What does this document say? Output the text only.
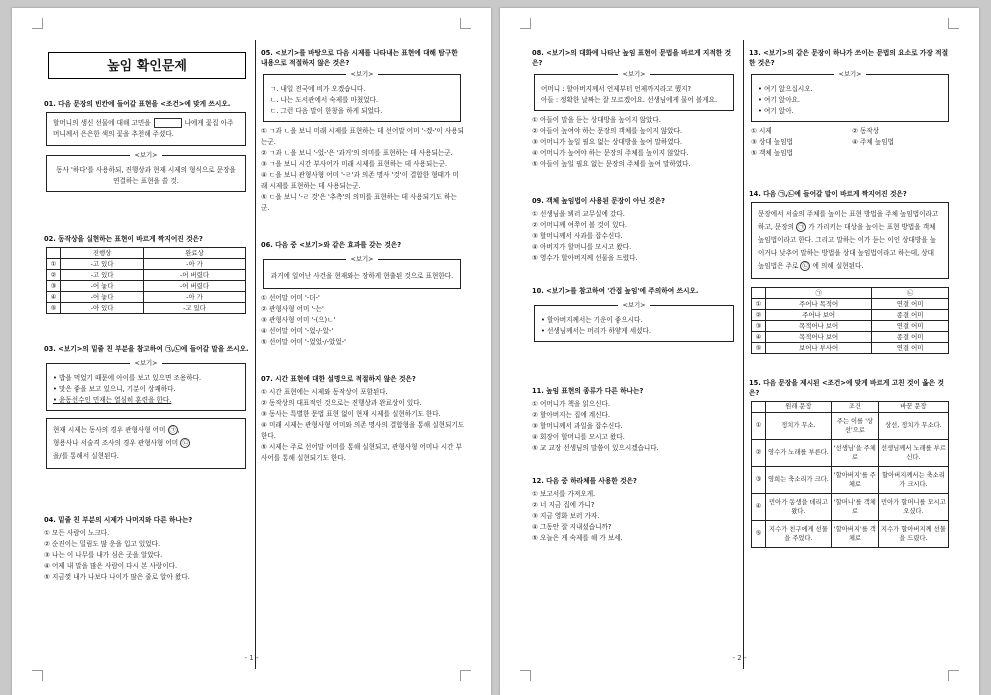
높임 확인문제
01. 다음 문장의 빈칸에 들어갈 표현을 <조건>에 맞게 쓰시오.
할머니의 생신 선물에 대해 고민을	나에게 꽃집 아주머니께서 은은한 색의 꽃을 추천해 주셨다.
<보기>
동사 '하다'를 사용하되, 진행상과 현재 시제의 형식으로 문장을 연결하는 표현을 쓸 것.
02. 동작상을 실현하는 표현이 바르게 짝지어진 것은?
	진행상	완료상
①	-고 있다	-아 가
②	-고 있다	-어 버렸다
③	-어 놓다	-어 버렸다
④	-어 놓다	-아 가
⑤	-아 있다	-고 있다
03. <보기>의 밑줄 친 부분을 참고하여 ㉠,㉡에 들어갈 말을 쓰시오.
<보기>
• 밥을 먹었기 때문에 아이를 보고 있으면 조용하다.
• 맛은 좋을 보고 있으니, 기분이 상쾌하다.
• 윤동선수인 민재는 열심히 훈련을 한다.
현재 시제는 동사의 경우 관형사형 어미 ㉠ ,
형용사나 서술격 조사의 경우 관형사형 어미 ㉡
을/를 통해서 실현된다.
04. 밑줄 친 부분의 시제가 나머지와 다른 하나는?
① 모든 사람이 노크다.
② 순진이는 밀림도 많 운을 입고 있었다.
③ 나는 이 나무를 내가 심은 곳을 알았다.
④ 어제 내 말을 많은 사람이 다시 본 사랑이다.
⑤ 지금껏 내가 나보다 나이가 많은 줄로 알아 왔다.
05. <보기>를 바탕으로 다음 시제를 나타내는 표현에 대해 탐구한 내용으로 적절하지 않은 것은?
<보기>
ㄱ. 내일 전국에 비가 오겠습니다.
ㄴ. 나는 도서관에서 숙제를 마쳤었다.
ㄷ. 그런 다음 말이 한창을 하게 되었다.
① ㄱ과 ㄴ을 보니 미래 시제를 표현하는 데 선어말 어미 '-겠-'이 사용되는군.
② ㄱ과 ㄴ을 보니 '-었-'은 '과거'의 의미를 표현하는 데 사용되는군.
③ ㄱ을 보니 시간 부사어가 미래 시제를 표현하는 데 사용되는군.
④ ㄷ을 보니 관형사형 어미 '-ㄹ'과 의존 명사 '것'이 결합한 형태가 미래 시제를 표현하는 데 사용되는군.
⑤ ㄷ을 보니 '-ㄹ 것'은 '추측'의 의미를 표현하는 데 사용되기도 하는군.
06. 다음 중 <보기>와 같은 효과를 갖는 것은?
<보기>
과거에 일어난 사건을 현재와는 장하게 현출된 것으로 표현한다.
① 선어말 어미 '-더-'
② 관형사형 어미 '-는'
③ 관형사형 어미 '-(으)ㄴ'
④ 선어말 어미 '-었-/-았-'
⑤ 선어말 어미 '-었었-/-았었-'
07. 시간 표현에 대한 설명으로 적절하지 않은 것은?
① 시간 표현에는 시제와 동작상이 포함된다.
② 동작상의 대표적인 것으로는 진행상과 완료상이 있다.
③ 동사는 특별한 문법 표현 없이 현재 시제를 실현하기도 한다.
④ 미래 시제는 관형사형 어미와 의존 명사의 결합형을 통해 실현되기도 한다.
⑤ 시제는 주로 선어말 어미를 통해 실현되고, 관형사형 어미나 시간 부사어를 통해 실현되기도 한다.
- 1 -
08. <보기>의 대화에 나타난 높임 표현이 문법을 바르게 지적한 것은?
<보기>
어머니 : 할아버지께서 언제부터 언제까지라고 했지?
아들 : 정확한 날짜는 잘 모르겠어요. 선생님에게 물어 볼게요.
① 아들이 말을 듣는 상대방을 높이지 않았다.
② 아들이 높여야 하는 문장의 객체를 높이지 않았다.
③ 어머니가 높일 필요 없는 상대방을 높여 말하였다.
④ 어머니가 높여야 하는 문장의 주체를 높이지 않았다.
⑤ 아들이 높일 필요 없는 문장의 주체를 높여 말하였다.
09. 객체 높임법이 사용된 문장이 아닌 것은?
① 선생님을 뵈러 교무실에 갔다.
② 어머니께 여쭈어 볼 것이 있다.
③ 할머니께서 사과를 잡수신다.
④ 아버지가 할머니를 모시고 왔다.
⑤ 영수가 할아버지께 선물을 드렸다.
10. <보기>를 참고하여 '간접 높임'에 주의하여 쓰시오.
<보기>
• 할아버지께서는 기운이 좋으시다.
• 선생님께서는 머리가 하얗게 세셨다.
11. 높임 표현의 종류가 다른 하나는?
① 어머니가 책을 읽으신다.
② 할아버지는 집에 계신다.
③ 할머니께서 과일을 잡수신다.
④ 회장이 할머니를 모시고 왔다.
⑤ 교 교장 선생님의 말씀이 있으시겠습니다.
12. 다음 중 하라체를 사용한 것은?
① 보고서를 가져오게.
② 너 지금 집에 가니?
③ 지금 영화 보러 가자.
④ 그동안 잘 지내셨습니까?
⑤ 오늘은 게 숙제를 해 가 보세.
13. <보기>의 같은 문장이 하나가 쓰이는 문법의 요소로 가장 적절한 것은?
<보기>
• 여기 앉으십시오.
• 여기 앉아요.
• 여기 앉아.
① 시제	② 동작상
③ 상대 높임법	④ 주체 높임법
⑤ 객체 높임법
14. 다음 ㉠,㉡에 들어갈 말이 바르게 짝지어진 것은?
문장에서 서술의 주체를 높이는 표현 방법을 주체 높임법이라고 하고, 문장의 ㉠ 가 가리키는 대상을 높이는 표현 방법을 객체 높임법이라고 한다. 그리고 말하는 이가 듣는 이인 상대방을 높이거나 낮추어 말하는 방법을 상대 높임법이라고 하는데, 상대 높임법은 주로 ㉡ 에 의해 실현된다.
	㉠	㉡
①	주어나 목적어	연결 어미
②	주어나 보어	종결 어미
③	목적어나 보어	연결 어미
④	목적어나 보어	종결 어미
⑤	보어나 부사어	연결 어미
15. 다음 문장을 제시된 <조건>에 맞게 바르게 고친 것이 옳은 것은?
	원래 문장	조건	바꾼 문장
①	정치가 무소.	주는 이를 '상선'으로	상선, 정치가 무소다.
②	영수가 노래를 부른다.	'선생님'을 주체로	선생님께서 노래를 부르신다.
③	영희는 축소리가 크다.	'할아버지'를 주체로	할아버지께서는 축소리가 크시다.
④	민아가 동생을 데리고 왔다.	'할머니'를 객체로	민아가 할머니를 모시고 오셨다.
⑤	지수가 친구에게 선물을 주었다.	'할아버지'를 객체로	지수가 할아버지께 선물을 드렸다.
- 2 -
